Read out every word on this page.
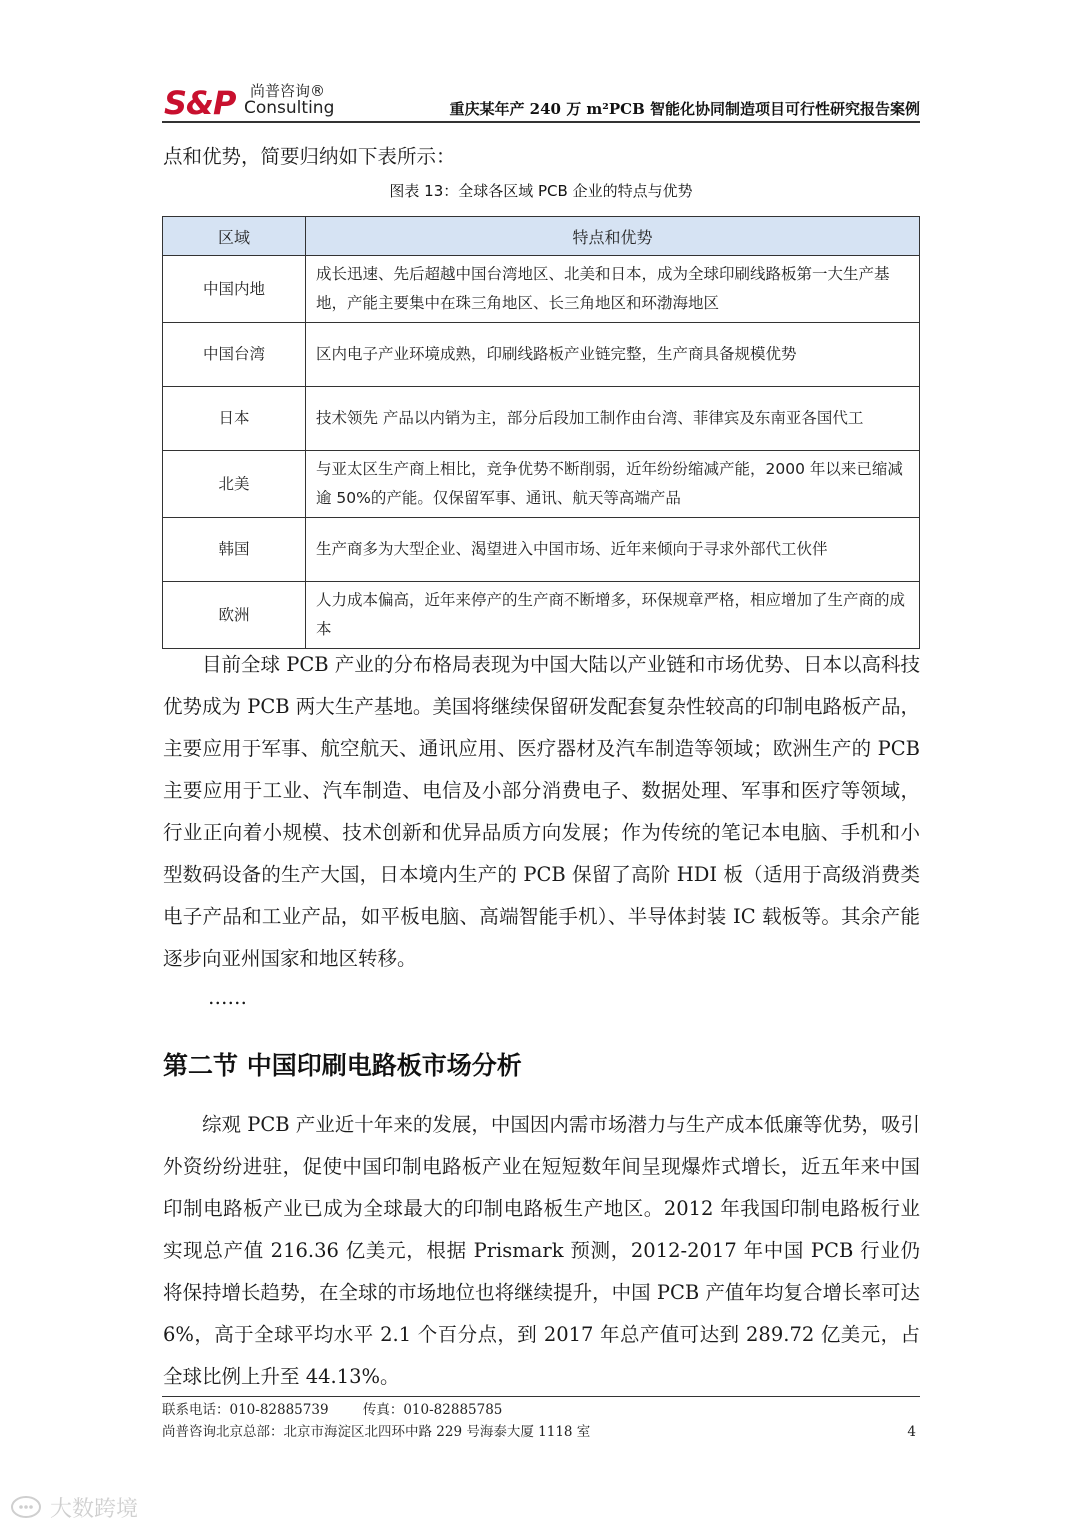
S&P 尚普咨询®
Consulting	重庆某年产 240 万 m²PCB 智能化协同制造项目可行性研究报告案例

点和优势，简要归纳如下表所示：

图表 13：全球各区域 PCB 企业的特点与优势
区域	特点和优势
中国内地	成长迅速、先后超越中国台湾地区、北美和日本，成为全球印刷线路板第一大生产基地，产能主要集中在珠三角地区、长三角地区和环渤海地区
中国台湾	区内电子产业环境成熟，印刷线路板产业链完整，生产商具备规模优势
日本	技术领先 产品以内销为主，部分后段加工制作由台湾、菲律宾及东南亚各国代工
北美	与亚太区生产商上相比，竞争优势不断削弱，近年纷纷缩减产能，2000 年以来已缩减逾 50%的产能。仅保留军事、通讯、航天等高端产品
韩国	生产商多为大型企业、渴望进入中国市场、近年来倾向于寻求外部代工伙伴
欧洲	人力成本偏高，近年来停产的生产商不断增多，环保规章严格，相应增加了生产商的成本

目前全球 PCB 产业的分布格局表现为中国大陆以产业链和市场优势、日本以高科技优势成为 PCB 两大生产基地。美国将继续保留研发配套复杂性较高的印制电路板产品，主要应用于军事、航空航天、通讯应用、医疗器材及汽车制造等领域；欧洲生产的 PCB 主要应用于工业、汽车制造、电信及小部分消费电子、数据处理、军事和医疗等领域，行业正向着小规模、技术创新和优异品质方向发展；作为传统的笔记本电脑、手机和小型数码设备的生产大国，日本境内生产的 PCB 保留了高阶 HDI 板（适用于高级消费类电子产品和工业产品，如平板电脑、高端智能手机）、半导体封装 IC 载板等。其余产能逐步向亚州国家和地区转移。

……
第二节 中国印刷电路板市场分析

综观 PCB 产业近十年来的发展，中国因内需市场潜力与生产成本低廉等优势，吸引外资纷纷进驻，促使中国印制电路板产业在短短数年间呈现爆炸式增长，近五年来中国印制电路板产业已成为全球最大的印制电路板生产地区。2012 年我国印制电路板行业实现总产值 216.36 亿美元，根据 Prismark 预测，2012-2017 年中国 PCB 行业仍将保持增长趋势，在全球的市场地位也将继续提升，中国 PCB 产值年均复合增长率可达 6%，高于全球平均水平 2.1 个百分点，到 2017 年总产值可达到 289.72 亿美元，占全球比例上升至 44.13%。

联系电话：010-82885739	传真：010-82885785
尚普咨询北京总部：北京市海淀区北四环中路 229 号海泰大厦 1118 室	4
大数跨境
